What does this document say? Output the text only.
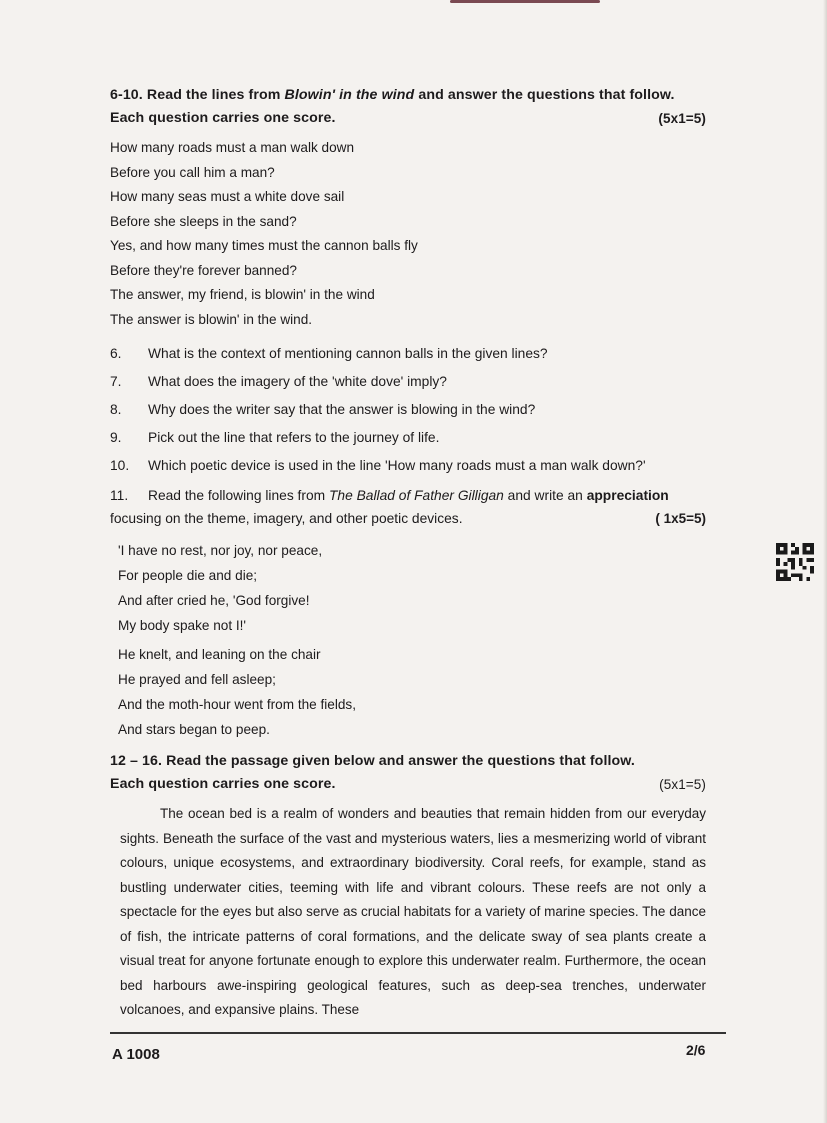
6-10. Read the lines from Blowin' in the wind and answer the questions that follow.
Each question carries one score.	(5x1=5)
How many roads must a man walk down
Before you call him a man?
How many seas must a white dove sail
Before she sleeps in the sand?
Yes, and how many times must the cannon balls fly
Before they're forever banned?
The answer, my friend, is blowin' in the wind
The answer is blowin' in the wind.
6.	What is the context of mentioning cannon balls in the given lines?
7.	What does the imagery of the 'white dove' imply?
8.	Why does the writer say that the answer is blowing in the wind?
9.	Pick out the line that refers to the journey of life.
10.	Which poetic device is used in the line 'How many roads must a man walk down?'
11.	Read the following lines from The Ballad of Father Gilligan and write an appreciation
focusing on the theme, imagery, and other poetic devices.	( 1x5=5)
'I have no rest, nor joy, nor peace,
For people die and die;
And after cried he, 'God forgive!
My body spake not I!'
He knelt, and leaning on the chair
He prayed and fell asleep;
And the moth-hour went from the fields,
And stars began to peep.
12 – 16. Read the passage given below and answer the questions that follow.
Each question carries one score.	(5x1=5)
The ocean bed is a realm of wonders and beauties that remain hidden from our everyday sights. Beneath the surface of the vast and mysterious waters, lies a mesmerizing world of vibrant colours, unique ecosystems, and extraordinary biodiversity. Coral reefs, for example, stand as bustling underwater cities, teeming with life and vibrant colours. These reefs are not only a spectacle for the eyes but also serve as crucial habitats for a variety of marine species. The dance of fish, the intricate patterns of coral formations, and the delicate sway of sea plants create a visual treat for anyone fortunate enough to explore this underwater realm. Furthermore, the ocean bed harbours awe-inspiring geological features, such as deep-sea trenches, underwater volcanoes, and expansive plains. These
A 1008	2/6
